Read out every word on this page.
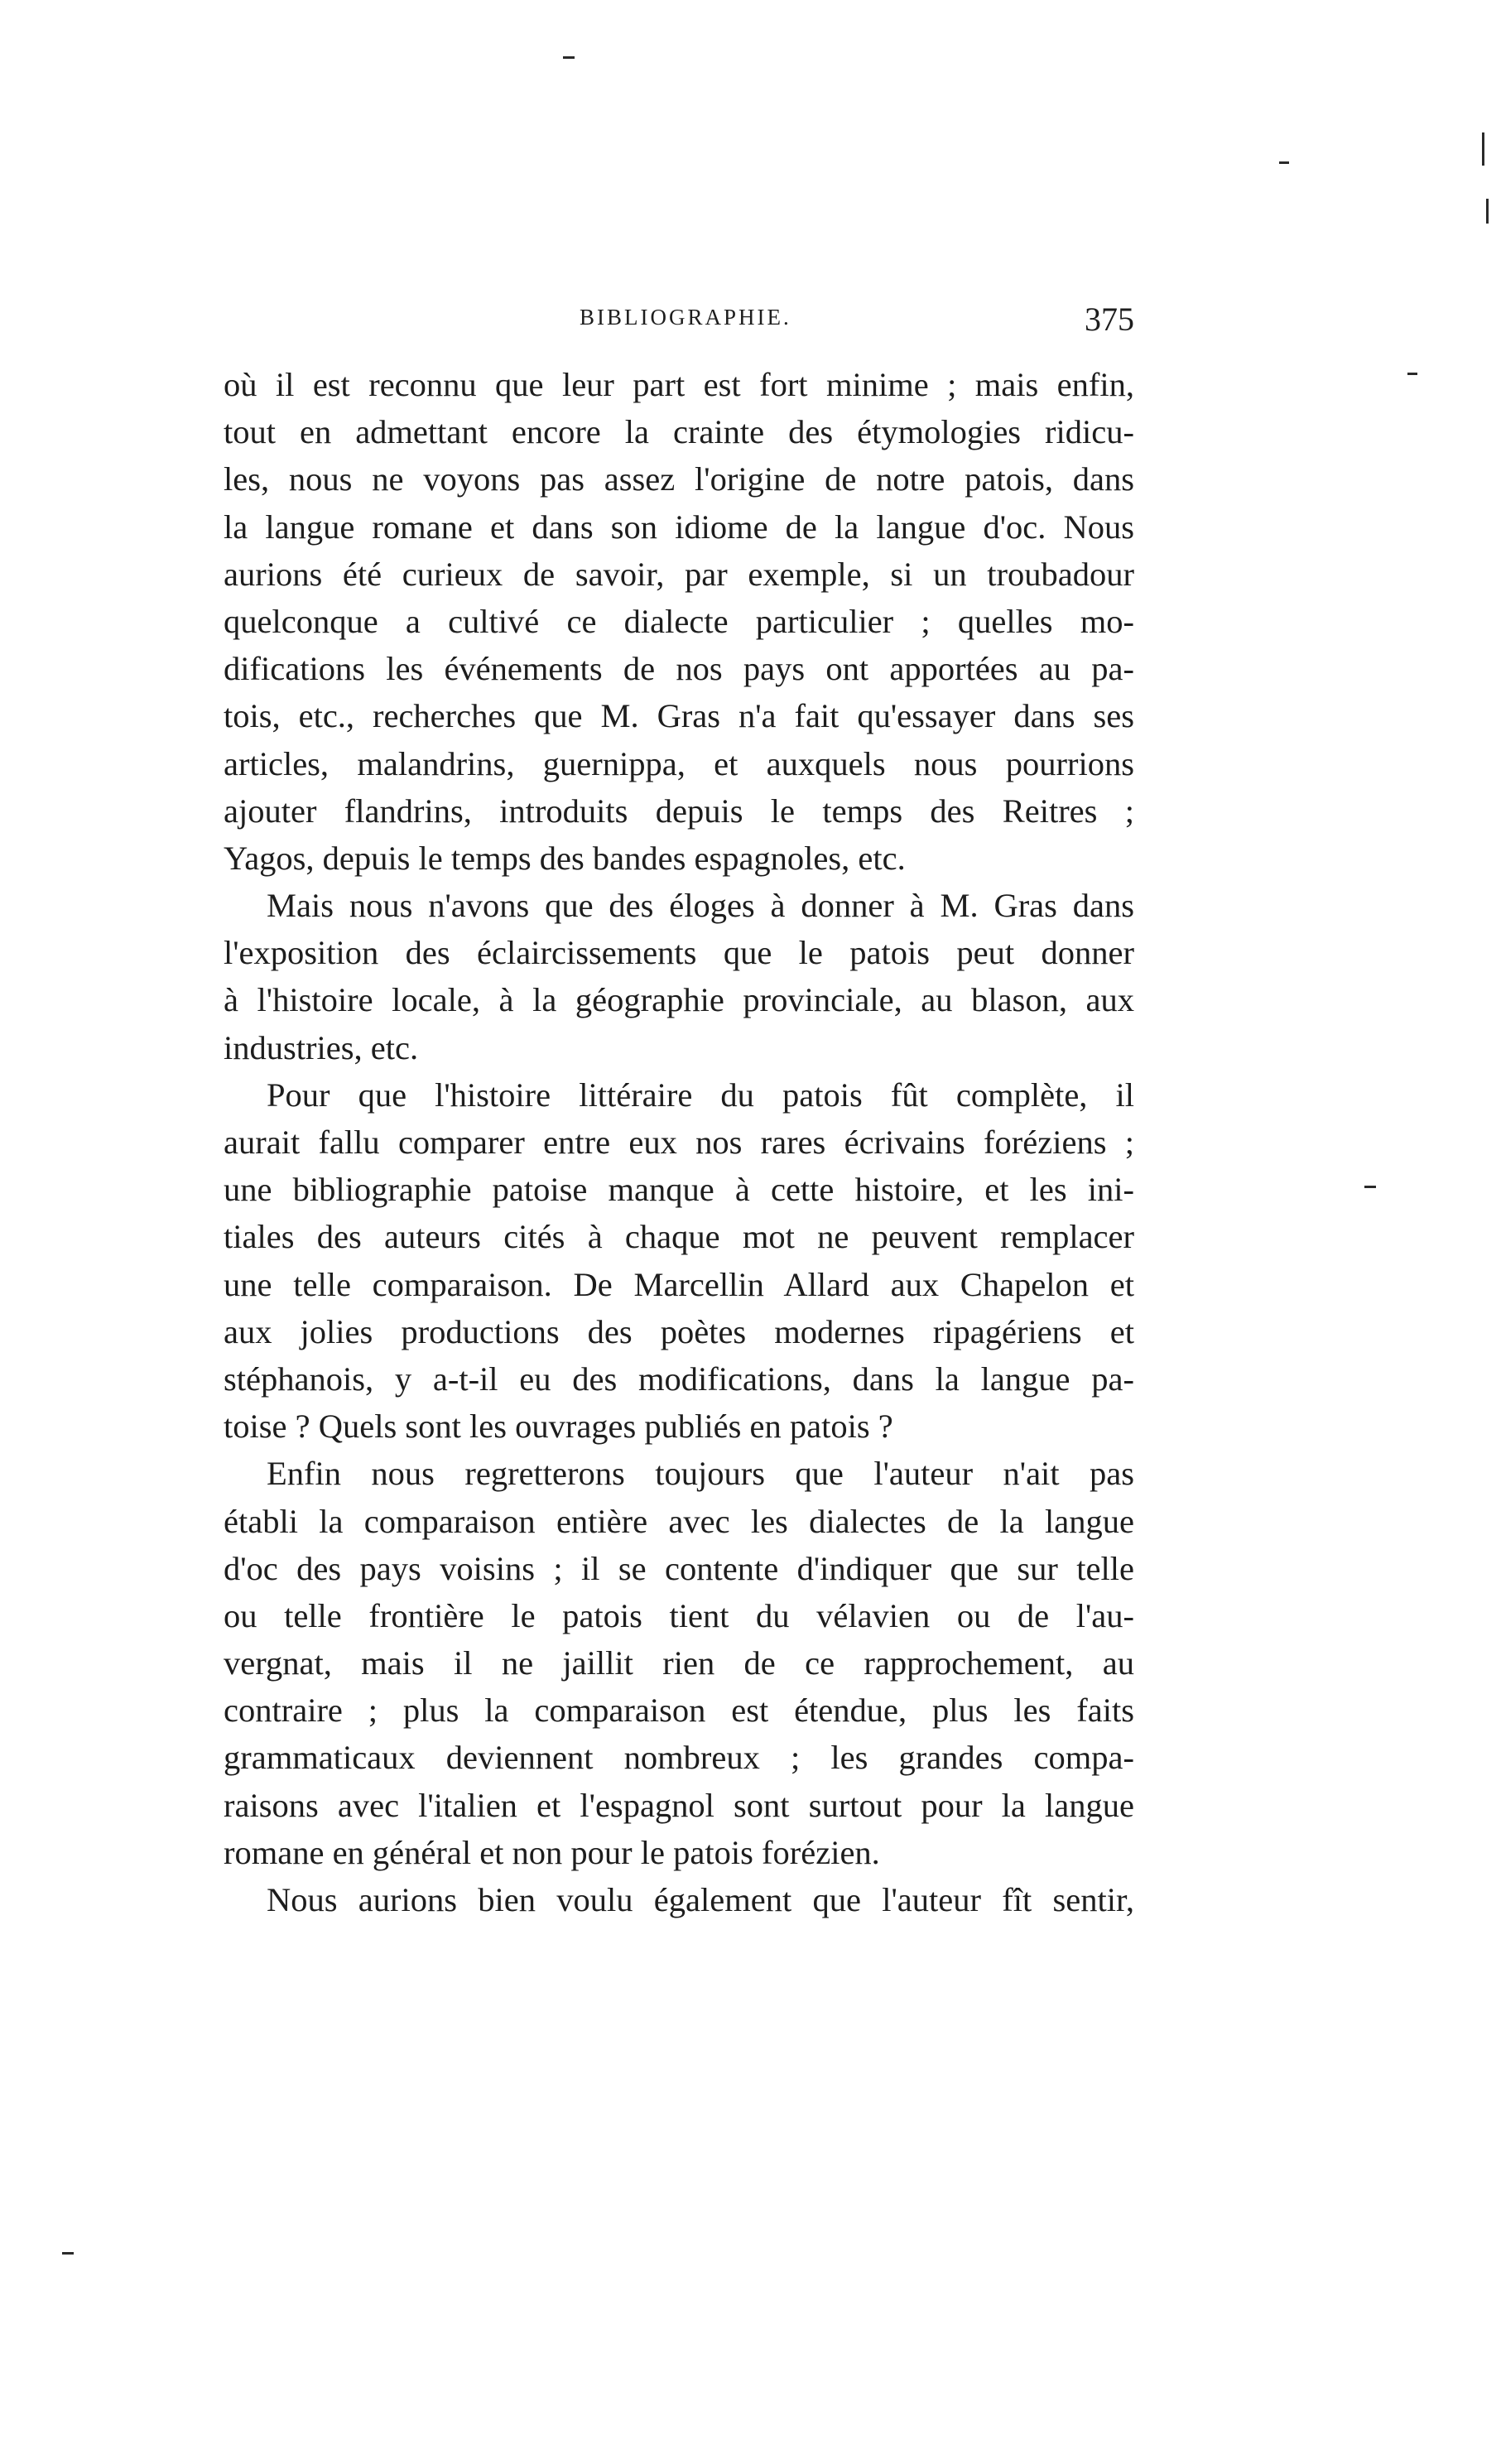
BIBLIOGRAPHIE.	375
où il est reconnu que leur part est fort minime ; mais enfin,
tout en admettant encore la crainte des étymologies ridicu-
les, nous ne voyons pas assez l'origine de notre patois, dans
la langue romane et dans son idiome de la langue d'oc. Nous
aurions été curieux de savoir, par exemple, si un troubadour
quelconque a cultivé ce dialecte particulier ; quelles mo-
difications les événements de nos pays ont apportées au pa-
tois, etc., recherches que M. Gras n'a fait qu'essayer dans ses
articles, malandrins, guernippa, et auxquels nous pourrions
ajouter flandrins, introduits depuis le temps des Reitres ;
Yagos, depuis le temps des bandes espagnoles, etc.
Mais nous n'avons que des éloges à donner à M. Gras dans
l'exposition des éclaircissements que le patois peut donner
à l'histoire locale, à la géographie provinciale, au blason, aux
industries, etc.
Pour que l'histoire littéraire du patois fût complète, il
aurait fallu comparer entre eux nos rares écrivains foréziens ;
une bibliographie patoise manque à cette histoire, et les ini-
tiales des auteurs cités à chaque mot ne peuvent remplacer
une telle comparaison. De Marcellin Allard aux Chapelon et
aux jolies productions des poètes modernes ripagériens et
stéphanois, y a-t-il eu des modifications, dans la langue pa-
toise ? Quels sont les ouvrages publiés en patois ?
Enfin nous regretterons toujours que l'auteur n'ait pas
établi la comparaison entière avec les dialectes de la langue
d'oc des pays voisins ; il se contente d'indiquer que sur telle
ou telle frontière le patois tient du vélavien ou de l'au-
vergnat, mais il ne jaillit rien de ce rapprochement, au
contraire ; plus la comparaison est étendue, plus les faits
grammaticaux deviennent nombreux ; les grandes compa-
raisons avec l'italien et l'espagnol sont surtout pour la langue
romane en général et non pour le patois forézien.
Nous aurions bien voulu également que l'auteur fît sentir,
